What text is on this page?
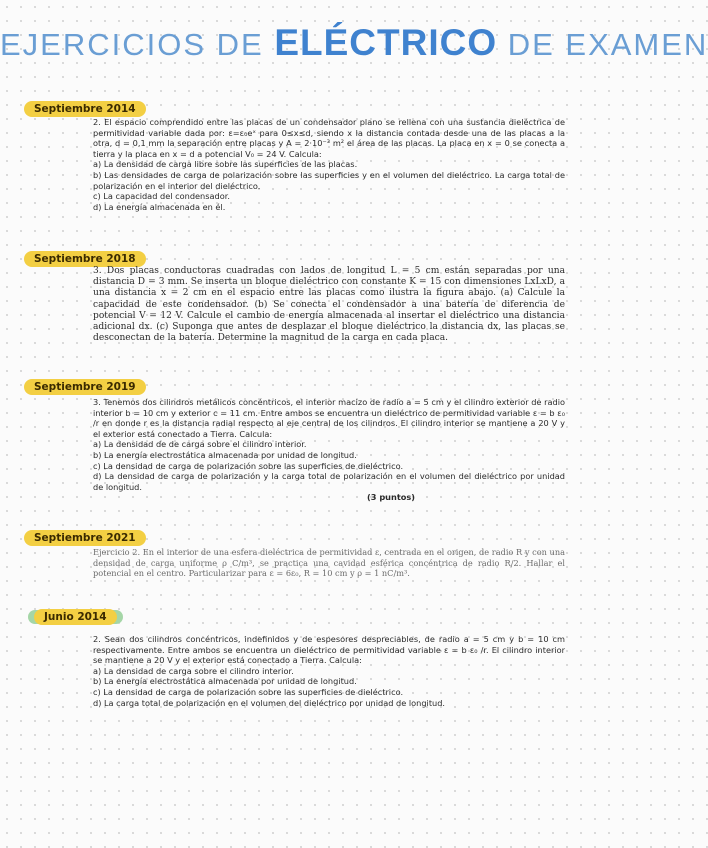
EJERCICIOS DE ELÉCTRICO DE EXAMEN
Septiembre 2014
2. El espacio comprendido entre las placas de un condensador plano se rellena con una sustancia dieléctrica de permitividad variable dada por: ε=ε₀eˣ para 0≤x≤d, siendo x la distancia contada desde una de las placas a la otra, d = 0,1 mm la separación entre placas y A = 2·10⁻³ m² el área de las placas. La placa en x = 0 se conecta a tierra y la placa en x = d a potencial V₀ = 24 V. Calcula:
a) La densidad de carga libre sobre las superficies de las placas.
b) Las densidades de carga de polarización sobre las superficies y en el volumen del dieléctrico. La carga total de polarización en el interior del dieléctrico.
c) La capacidad del condensador.
d) La energía almacenada en él.
Septiembre 2018
3. Dos placas conductoras cuadradas con lados de longitud L = 5 cm están separadas por una distancia D = 3 mm. Se inserta un bloque dieléctrico con constante K = 15 con dimensiones LxLxD, a una distancia x = 2 cm en el espacio entre las placas como ilustra la figura abajo. (a) Calcule la capacidad de este condensador. (b) Se conecta el condensador a una batería de diferencia de potencial V = 12 V. Calcule el cambio de energía almacenada al insertar el dieléctrico una distancia adicional dx. (c) Suponga que antes de desplazar el bloque dieléctrico la distancia dx, las placas se desconectan de la batería. Determine la magnitud de la carga en cada placa.
Septiembre 2019
3. Tenemos dos cilindros metálicos concéntricos, el interior macizo de radio a = 5 cm y el cilindro exterior de radio interior b = 10 cm y exterior c = 11 cm. Entre ambos se encuentra un dieléctrico de permitividad variable ε = b ε₀ /r en donde r es la distancia radial respecto al eje central de los cilindros. El cilindro interior se mantiene a 20 V y el exterior está conectado a Tierra. Calcula:
a) La densidad de de carga sobre el cilindro interior.
b) La energía electrostática almacenada por unidad de longitud.
c) La densidad de carga de polarización sobre las superficies de dieléctrico.
d) La densidad de carga de polarización y la carga total de polarización en el volumen del dieléctrico por unidad de longitud.
(3 puntos)
Septiembre 2021
Ejercicio 2. En el interior de una esfera dieléctrica de permitividad ε, centrada en el origen, de radio R y con una densidad de carga uniforme ρ C/m³, se practica una cavidad esférica concéntrica de radio R/2. Hallar el potencial en el centro. Particularizar para ε = 6ε₀, R = 10 cm y ρ = 1 nC/m³.
Junio 2014
2. Sean dos cilindros concéntricos, indefinidos y de espesores despreciables, de radio a = 5 cm y b = 10 cm respectivamente. Entre ambos se encuentra un dieléctrico de permitividad variable ε = b ε₀ /r. El cilindro interior se mantiene a 20 V y el exterior está conectado a Tierra. Calcula:
a) La densidad de carga sobre el cilindro interior.
b) La energía electrostática almacenada por unidad de longitud.
c) La densidad de carga de polarización sobre las superficies de dieléctrico.
d) La carga total de polarización en el volumen del dieléctrico por unidad de longitud.
